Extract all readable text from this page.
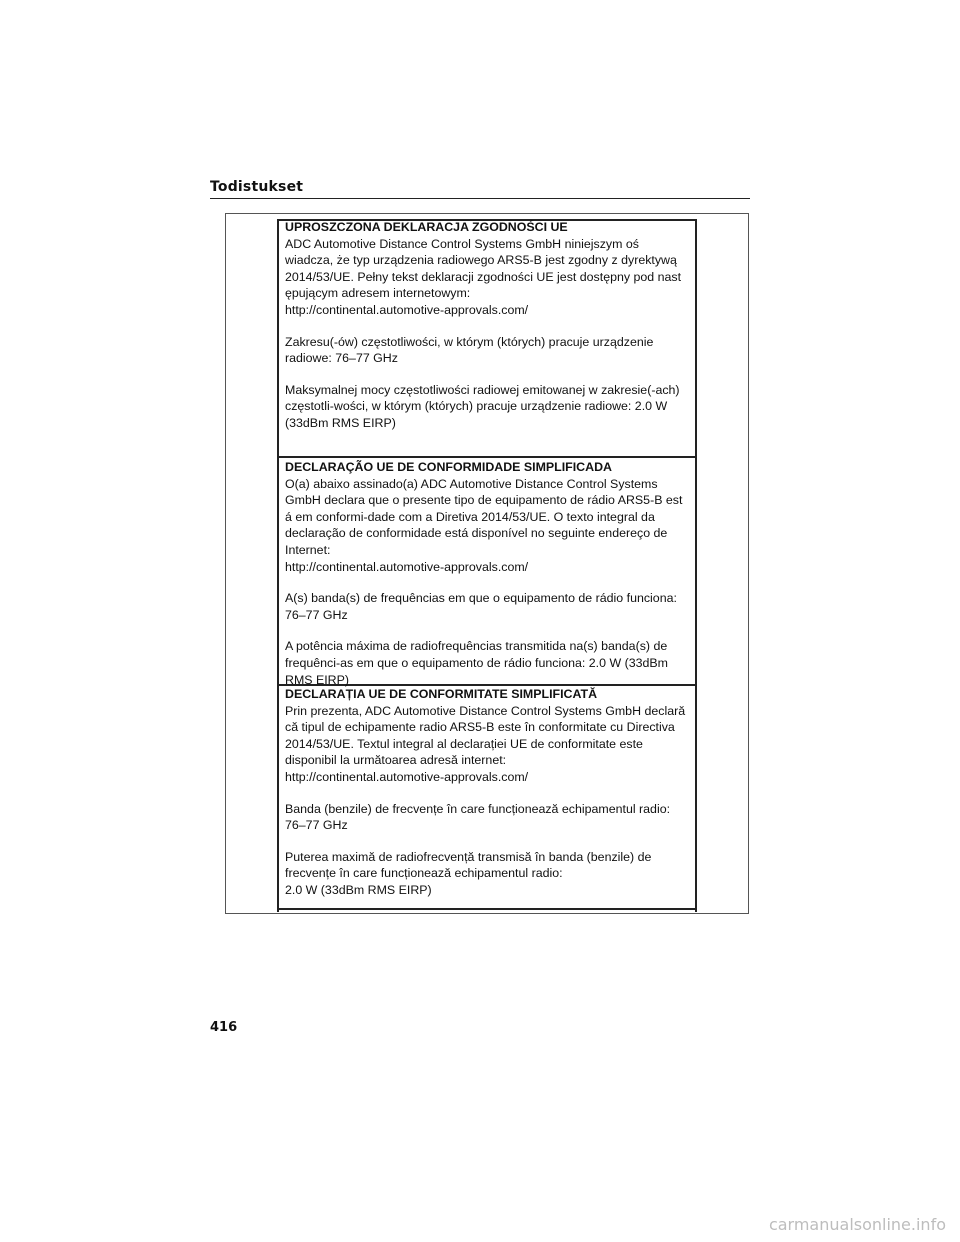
Todistukset
UPROSZCZONA DEKLARACJA ZGODNOŚCI UE
ADC Automotive Distance Control Systems GmbH niniejszym oś
wiadcza, że typ urządzenia radiowego ARS5-B jest zgodny z dyrektywą
2014/53/UE. Pełny tekst deklaracji zgodności UE jest dostępny pod nast
ępującym adresem internetowym:
http://continental.automotive-approvals.com/
Zakresu(-ów) częstotliwości, w którym (których) pracuje urządzenie
radiowe: 76–77 GHz
Maksymalnej mocy częstotliwości radiowej emitowanej w zakresie(-ach)
częstotli-wości, w którym (których) pracuje urządzenie radiowe: 2.0 W
(33dBm RMS EIRP)
DECLARAÇÃO UE DE CONFORMIDADE SIMPLIFICADA
O(a) abaixo assinado(a) ADC Automotive Distance Control Systems
GmbH declara que o presente tipo de equipamento de rádio ARS5-B est
á em conformi-dade com a Diretiva 2014/53/UE. O texto integral da
declaração de conformidade está disponível no seguinte endereço de
Internet:
http://continental.automotive-approvals.com/
A(s) banda(s) de frequências em que o equipamento de rádio funciona:
76–77 GHz
A potência máxima de radiofrequências transmitida na(s) banda(s) de
frequênci-as em que o equipamento de rádio funciona: 2.0 W (33dBm
RMS EIRP)
DECLARAȚIA UE DE CONFORMITATE SIMPLIFICATĂ
Prin prezenta, ADC Automotive Distance Control Systems GmbH declară
că tipul de echipamente radio ARS5-B este în conformitate cu Directiva
2014/53/UE. Textul integral al declarației UE de conformitate este
disponibil la următoarea adresă internet:
http://continental.automotive-approvals.com/
Banda (benzile) de frecvențe în care funcționează echipamentul radio:
76–77 GHz
Puterea maximă de radiofrecvență transmisă în banda (benzile) de
frecvențe în care funcționează echipamentul radio:
2.0 W (33dBm RMS EIRP)
416
carmanualsonline.info
